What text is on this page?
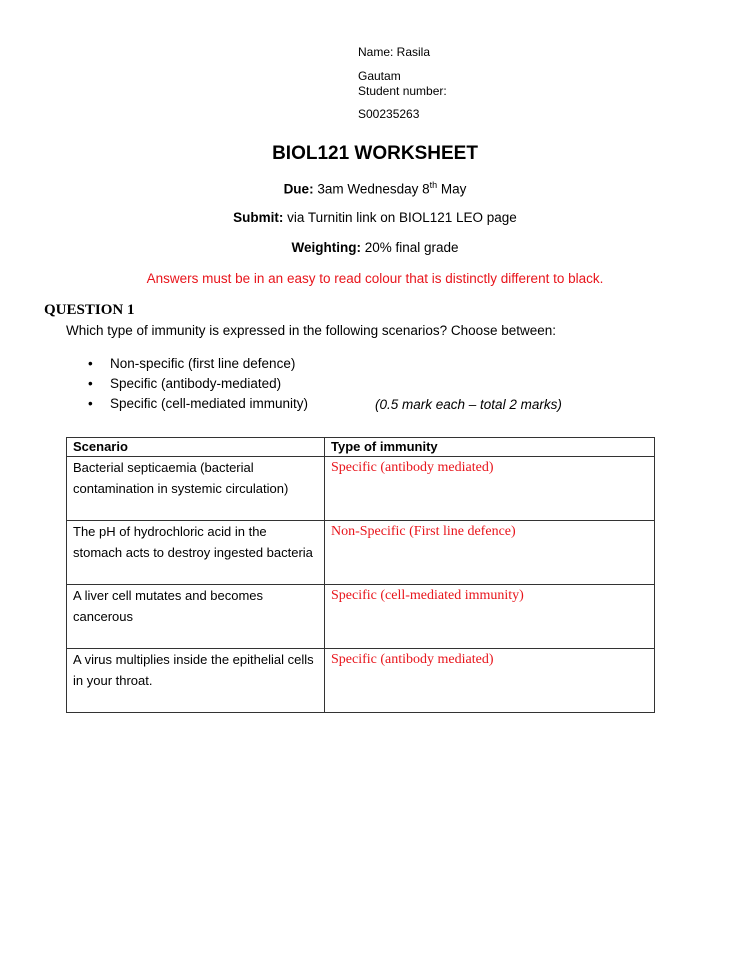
Name: Rasila
Gautam
Student number:
S00235263
BIOL121 WORKSHEET
Due: 3am Wednesday 8th May
Submit: via Turnitin link on BIOL121 LEO page
Weighting: 20% final grade
Answers must be in an easy to read colour that is distinctly different to black.
QUESTION 1
Which type of immunity is expressed in the following scenarios? Choose between:
• Non-specific (first line defence)
• Specific (antibody-mediated)
• Specific (cell-mediated immunity)	(0.5 mark each – total 2 marks)
Scenario	Type of immunity
Bacterial septicaemia (bacterial contamination in systemic circulation)	Specific (antibody mediated)
The pH of hydrochloric acid in the stomach acts to destroy ingested bacteria	Non-Specific (First line defence)
A liver cell mutates and becomes cancerous	Specific (cell-mediated immunity)
A virus multiplies inside the epithelial cells in your throat.	Specific (antibody mediated)
